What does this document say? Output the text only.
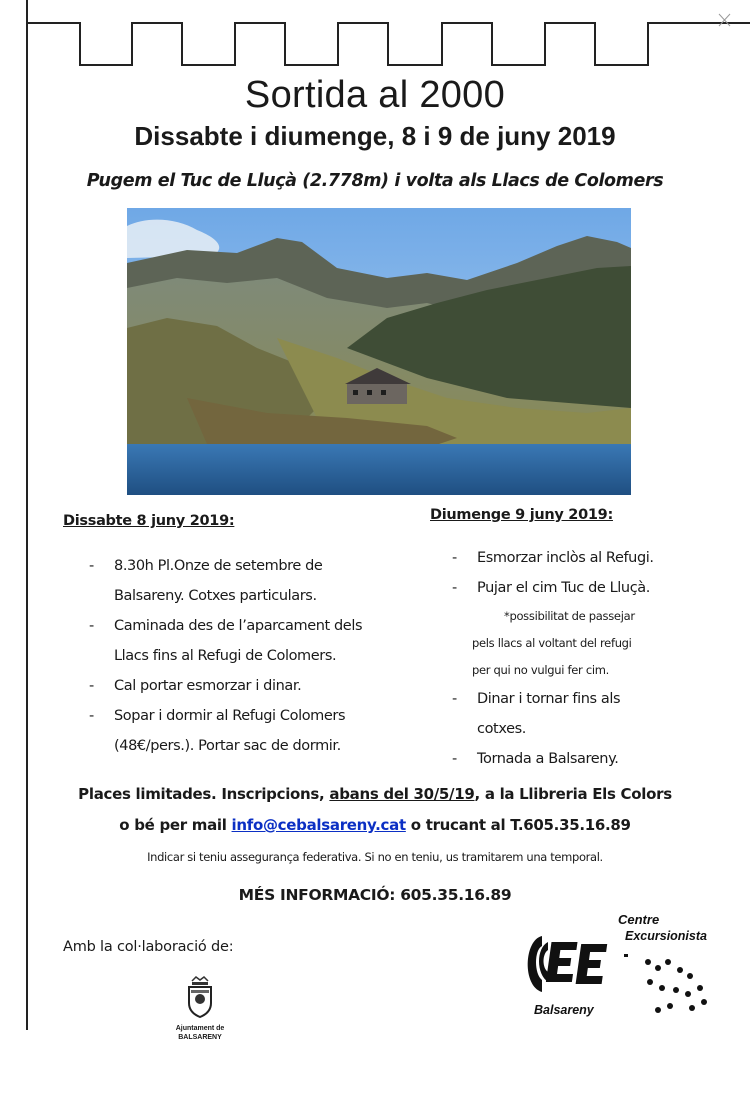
Sortida al 2000
Dissabte i diumenge, 8 i 9 de juny 2019
Pugem el Tuc de Lluçà (2.778m) i volta als Llacs de Colomers
Dissabte 8 juny 2019:
- 8.30h Pl.Onze de setembre de
Balsareny. Cotxes particulars.
- Caminada des de l’aparcament dels
Llacs fins al Refugi de Colomers.
- Cal portar esmorzar i dinar.
- Sopar i dormir al Refugi Colomers
(48€/pers.). Portar sac de dormir.
Diumenge 9 juny 2019:
- Esmorzar inclòs al Refugi.
- Pujar el cim Tuc de Lluçà.
*possibilitat de passejar
pels llacs al voltant del refugi
per qui no vulgui fer cim.
- Dinar i tornar fins als
cotxes.
- Tornada a Balsareny.
Places limitades. Inscripcions, abans del 30/5/19, a la Llibreria Els Colors
o bé per mail info@cebalsareny.cat o trucant al T.605.35.16.89
Indicar si teniu assegurança federativa. Si no en teniu, us tramitarem una temporal.
MÉS INFORMACIÓ: 605.35.16.89
Amb la col·laboració de:
Ajuntament de
BALSARENY
Centre
Excursionista
Balsareny
